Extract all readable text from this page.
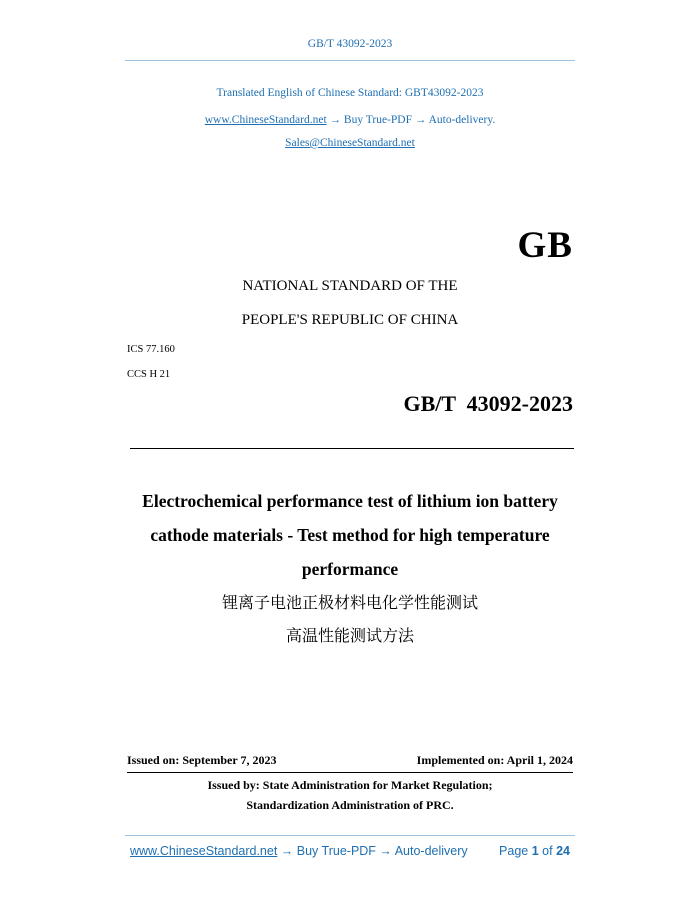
GB/T 43092-2023
Translated English of Chinese Standard: GBT43092-2023
www.ChineseStandard.net → Buy True-PDF → Auto-delivery.
Sales@ChineseStandard.net
GB
NATIONAL STANDARD OF THE
PEOPLE'S REPUBLIC OF CHINA
ICS 77.160
CCS H 21
GB/T  43092-2023
Electrochemical performance test of lithium ion battery cathode materials - Test method for high temperature performance
锂离子电池正极材料电化学性能测试
高温性能测试方法
Issued on: September 7, 2023	Implemented on: April 1, 2024
Issued by: State Administration for Market Regulation;
Standardization Administration of PRC.
www.ChineseStandard.net → Buy True-PDF → Auto-delivery	Page 1 of 24
